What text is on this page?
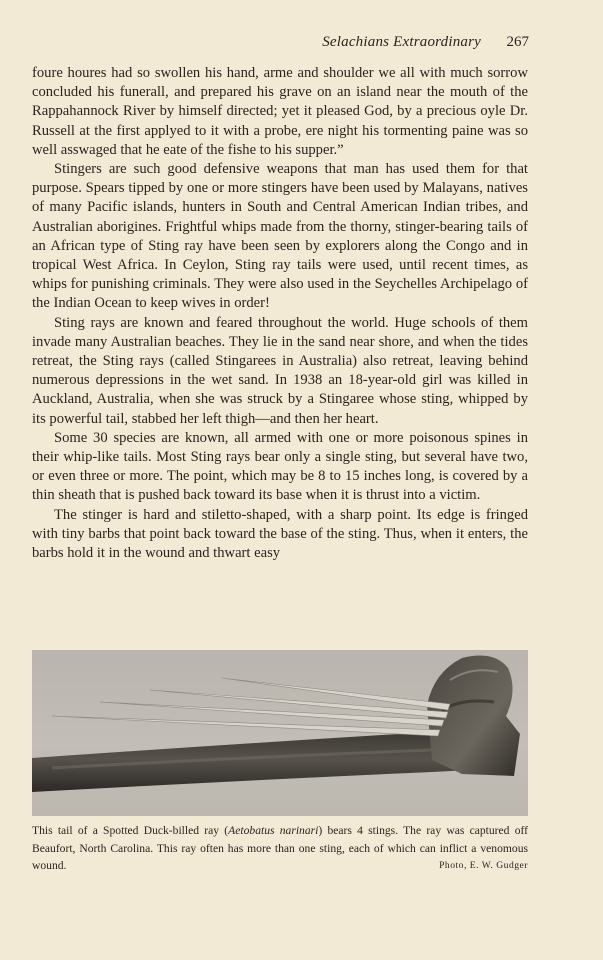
Selachians Extraordinary 267

foure houres had so swollen his hand, arme and shoulder we all with much sorrow concluded his funerall, and prepared his grave on an island near the mouth of the Rappahannock River by himself directed; yet it pleased God, by a precious oyle Dr. Russell at the first applyed to it with a probe, ere night his tormenting paine was so well asswaged that he eate of the fishe to his supper.”

Stingers are such good defensive weapons that man has used them for that purpose. Spears tipped by one or more stingers have been used by Malayans, natives of many Pacific islands, hunters in South and Central American Indian tribes, and Australian aborigines. Frightful whips made from the thorny, stinger-bearing tails of an African type of Sting ray have been seen by explorers along the Congo and in tropical West Africa. In Ceylon, Sting ray tails were used, until recent times, as whips for punishing criminals. They were also used in the Seychelles Archipelago of the Indian Ocean to keep wives in order!

Sting rays are known and feared throughout the world. Huge schools of them invade many Australian beaches. They lie in the sand near shore, and when the tides retreat, the Sting rays (called Stingarees in Australia) also retreat, leaving behind numerous depressions in the wet sand. In 1938 an 18-year-old girl was killed in Auckland, Australia, when she was struck by a Stingaree whose sting, whipped by its powerful tail, stabbed her left thigh—and then her heart.

Some 30 species are known, all armed with one or more poisonous spines in their whip-like tails. Most Sting rays bear only a single sting, but several have two, or even three or more. The point, which may be 8 to 15 inches long, is covered by a thin sheath that is pushed back toward its base when it is thrust into a victim.

The stinger is hard and stiletto-shaped, with a sharp point. Its edge is fringed with tiny barbs that point back toward the base of the sting. Thus, when it enters, the barbs hold it in the wound and thwart easy

This tail of a Spotted Duck-billed ray (Aetobatus narinari) bears 4 stings. The ray was captured off Beaufort, North Carolina. This ray often has more than one sting, each of which can inflict a venomous wound.	Photo, E. W. Gudger
